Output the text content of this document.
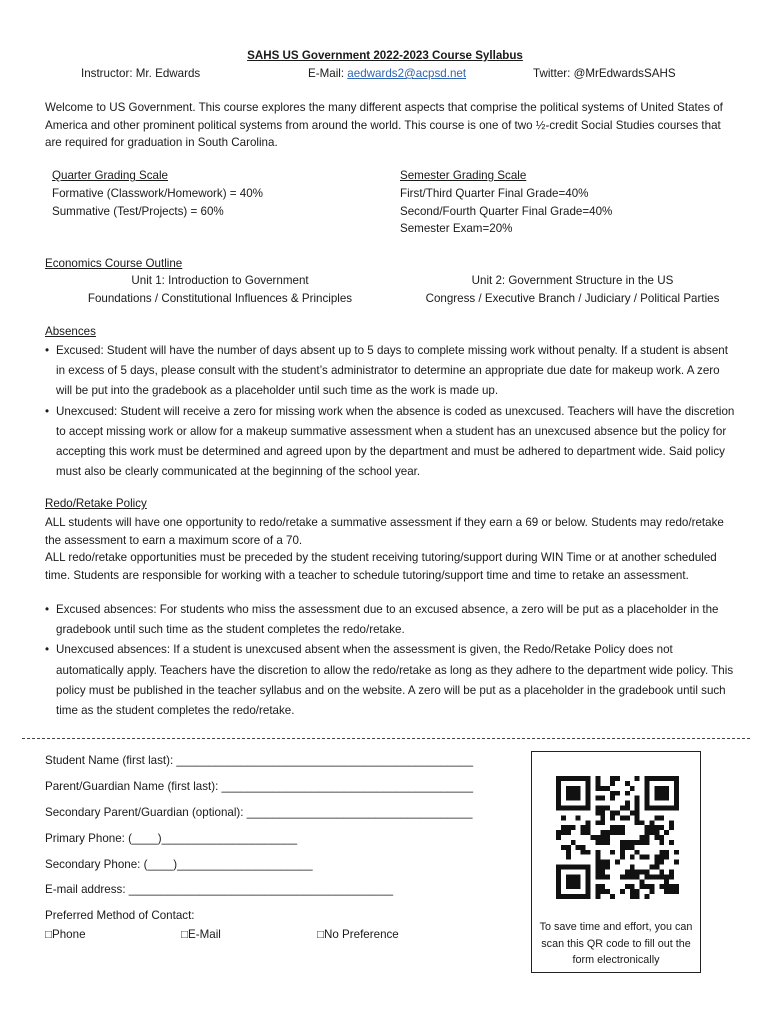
SAHS US Government 2022-2023 Course Syllabus
Instructor: Mr. Edwards	E-Mail: aedwards2@acpsd.net	Twitter: @MrEdwardsSAHS
Welcome to US Government. This course explores the many different aspects that comprise the political systems of United States of America and other prominent political systems from around the world. This course is one of two ½-credit Social Studies courses that are required for graduation in South Carolina.
Quarter Grading Scale
Formative (Classwork/Homework) = 40%
Summative (Test/Projects) = 60%
Semester Grading Scale
First/Third Quarter Final Grade=40%
Second/Fourth Quarter Final Grade=40%
Semester Exam=20%
Economics Course Outline
Unit 1: Introduction to Government
Foundations / Constitutional Influences & Principles
Unit 2: Government Structure in the US
Congress / Executive Branch / Judiciary / Political Parties
Absences
• Excused: Student will have the number of days absent up to 5 days to complete missing work without penalty. If a student is absent in excess of 5 days, please consult with the student’s administrator to determine an appropriate due date for makeup work. A zero will be put into the gradebook as a placeholder until such time as the work is made up.
• Unexcused: Student will receive a zero for missing work when the absence is coded as unexcused. Teachers will have the discretion to accept missing work or allow for a makeup summative assessment when a student has an unexcused absence but the policy for accepting this work must be determined and agreed upon by the department and must be adhered to department wide. Said policy must also be clearly communicated at the beginning of the school year.
Redo/Retake Policy
ALL students will have one opportunity to redo/retake a summative assessment if they earn a 69 or below. Students may redo/retake the assessment to earn a maximum score of a 70.
ALL redo/retake opportunities must be preceded by the student receiving tutoring/support during WIN Time or at another scheduled time. Students are responsible for working with a teacher to schedule tutoring/support time and time to retake an assessment.
• Excused absences: For students who miss the assessment due to an excused absence, a zero will be put as a placeholder in the gradebook until such time as the student completes the redo/retake.
• Unexcused absences: If a student is unexcused absent when the assessment is given, the Redo/Retake Policy does not automatically apply. Teachers have the discretion to allow the redo/retake as long as they adhere to the department wide policy. This policy must be published in the teacher syllabus and on the website. A zero will be put as a placeholder in the gradebook until such time as the student completes the redo/retake.
Student Name (first last): ______________________________________________
Parent/Guardian Name (first last): _______________________________________
Secondary Parent/Guardian (optional): ___________________________________
Primary Phone: (____)_____________________
Secondary Phone: (____)_____________________
E-mail address: _________________________________________
Preferred Method of Contact:
□Phone	□E-Mail	□No Preference
To save time and effort, you can scan this QR code to fill out the form electronically
